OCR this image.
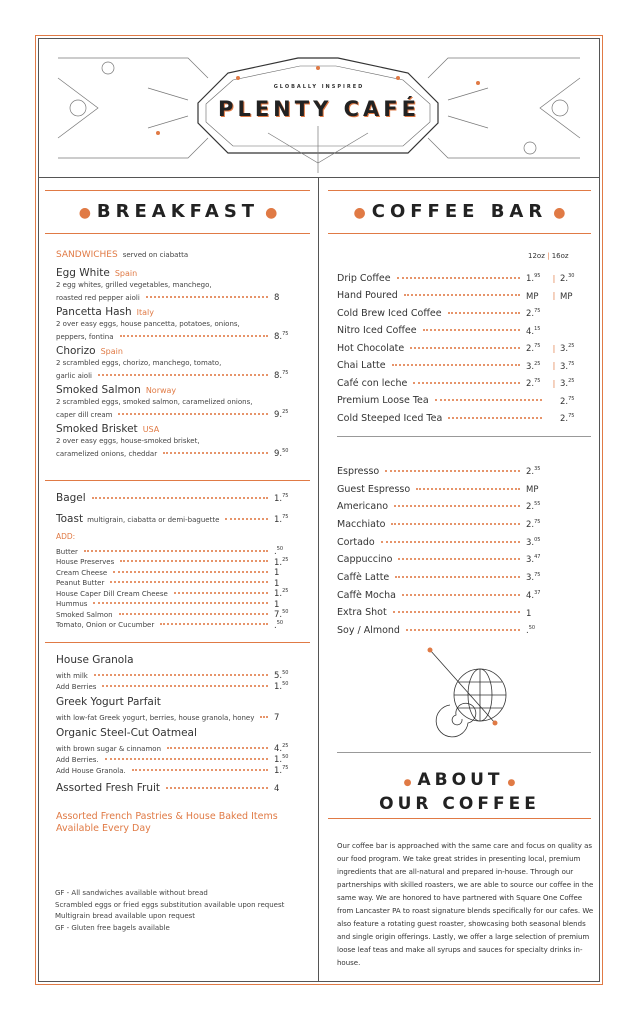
GLOBALLY INSPIRED
PLENTY CAFÉ
● BREAKFAST ●
SANDWICHES served on ciabatta
Egg White Spain
2 egg whites, grilled vegetables, manchego,
roasted red pepper aioli	8
Pancetta Hash Italy
2 over easy eggs, house pancetta, potatoes, onions,
peppers, fontina	8.75
Chorizo Spain
2 scrambled eggs, chorizo, manchego, tomato,
garlic aioli	8.75
Smoked Salmon Norway
2 scrambled eggs, smoked salmon, caramelized onions,
caper dill cream	9.25
Smoked Brisket USA
2 over easy eggs, house-smoked brisket,
caramelized onions, cheddar	9.50
Bagel	1.75
Toast multigrain, ciabatta or demi-baguette	1.75
ADD:
Butter	.$^{50}$
House Preserves	1.25
Cream Cheese	1
Peanut Butter	1
House Caper Dill Cream Cheese	1.25
Hummus	1
Smoked Salmon	7.50
Tomato, Onion or Cucumber	.$^{50}$
House Granola
with milk	5.50
Add Berries	1.50
Greek Yogurt Parfait
with low-fat Greek yogurt, berries, house granola, honey 7
Organic Steel-Cut Oatmeal
with brown sugar & cinnamon	4.25
Add Berries.	1.50
Add House Granola.	1.75
Assorted Fresh Fruit	4
Assorted French Pastries & House Baked Items
Available Every Day
GF - All sandwiches available without bread
Scrambled eggs or fried eggs substitution available upon request
Multigrain bread available upon request
GF - Gluten free bagels available
● COFFEE BAR ●
12oz | 16oz
Drip Coffee	1.95	| 2.30
Hand Poured	MP	| MP
Cold Brew Iced Coffee	2.75
Nitro Iced Coffee	4.15
Hot Chocolate	2.75	| 3.25
Chai Latte	3.25	| 3.75
Café con leche	2.75	| 3.25
Premium Loose Tea	2.75
Cold Steeped Iced Tea	2.75
Espresso	2.35
Guest Espresso	MP
Americano	2.55
Macchiato	2.75
Cortado	3.05
Cappuccino	3.47
Caffè Latte	3.75
Caffè Mocha	4.37
Extra Shot	1
Soy / Almond	.$^{50}$
● ABOUT ●
OUR COFFEE
Our coffee bar is approached with the same care and focus on quality as our food program. We take great strides in presenting local, premium ingredients that are all-natural and prepared in-house. Through our partnerships with skilled roasters, we are able to source our coffee in the same way. We are honored to have partnered with Square One Coffee from Lancaster PA to roast signature blends specifically for our cafes. We also feature a rotating guest roaster, showcasing both seasonal blends and single origin offerings. Lastly, we offer a large selection of premium loose leaf teas and make all syrups and sauces for specialty drinks in-house.
